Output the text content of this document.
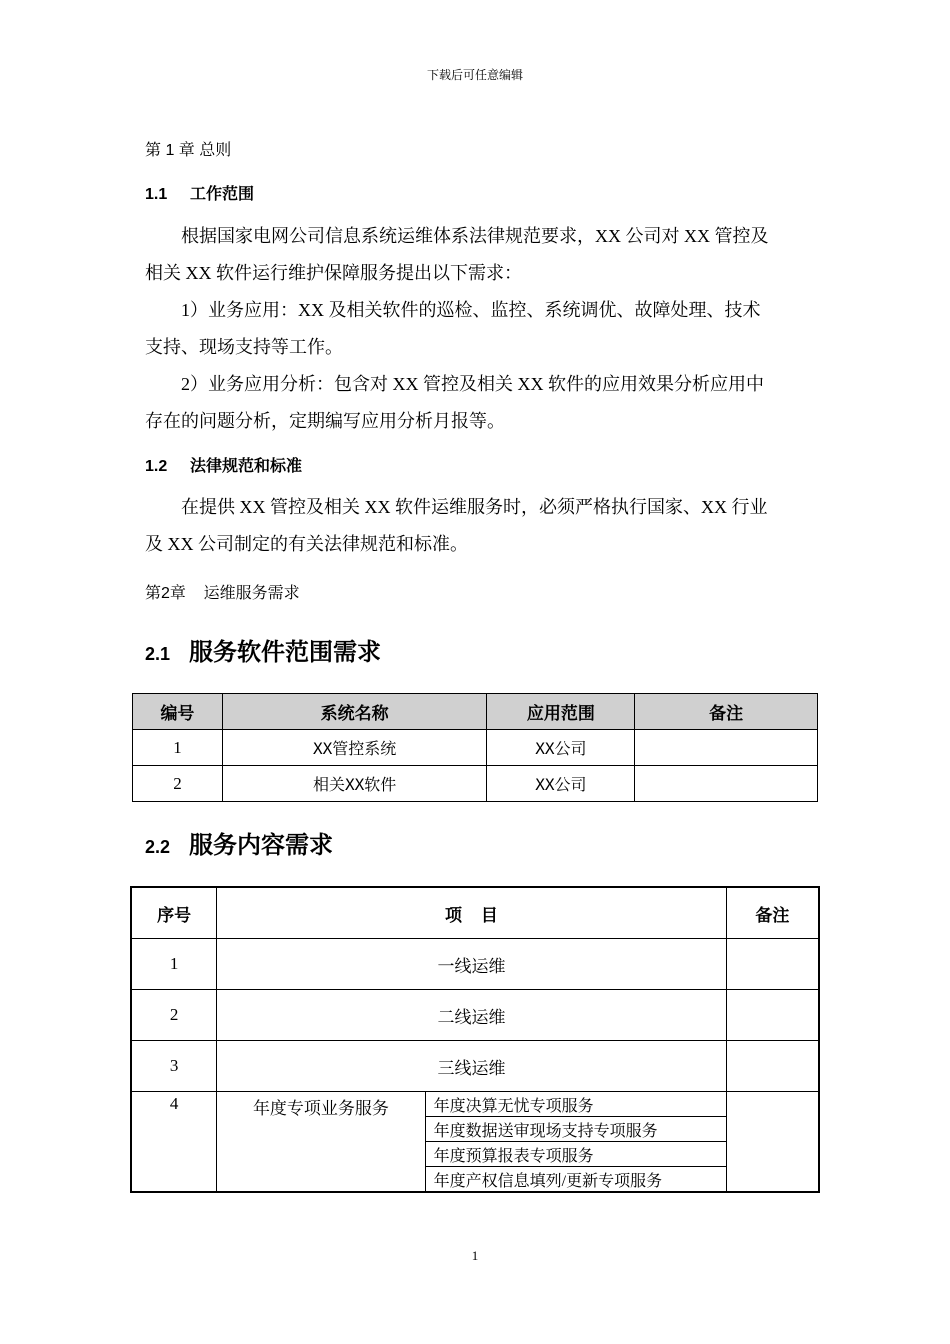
下载后可任意编辑
第 1 章 总则
1.1 工作范围
根据国家电网公司信息系统运维体系法律规范要求，XX 公司对 XX 管控及
相关 XX 软件运行维护保障服务提出以下需求：
1）业务应用：XX 及相关软件的巡检、监控、系统调优、故障处理、技术
支持、现场支持等工作。
2）业务应用分析：包含对 XX 管控及相关 XX 软件的应用效果分析应用中
存在的问题分析，定期编写应用分析月报等。
1.2 法律规范和标准
在提供 XX 管控及相关 XX 软件运维服务时，必须严格执行国家、XX 行业
及 XX 公司制定的有关法律规范和标准。
第2章    运维服务需求
2.1 服务软件范围需求
编号	系统名称	应用范围	备注
1	XX管控系统	XX公司	
2	相关XX软件	XX公司	
2.2 服务内容需求
序号	项    目		备注
1	一线运维		
2	二线运维		
3	三线运维		
4	年度专项业务服务	年度决算无忧专项服务	
		年度数据送审现场支持专项服务	
		年度预算报表专项服务	
		年度产权信息填列/更新专项服务	
1
